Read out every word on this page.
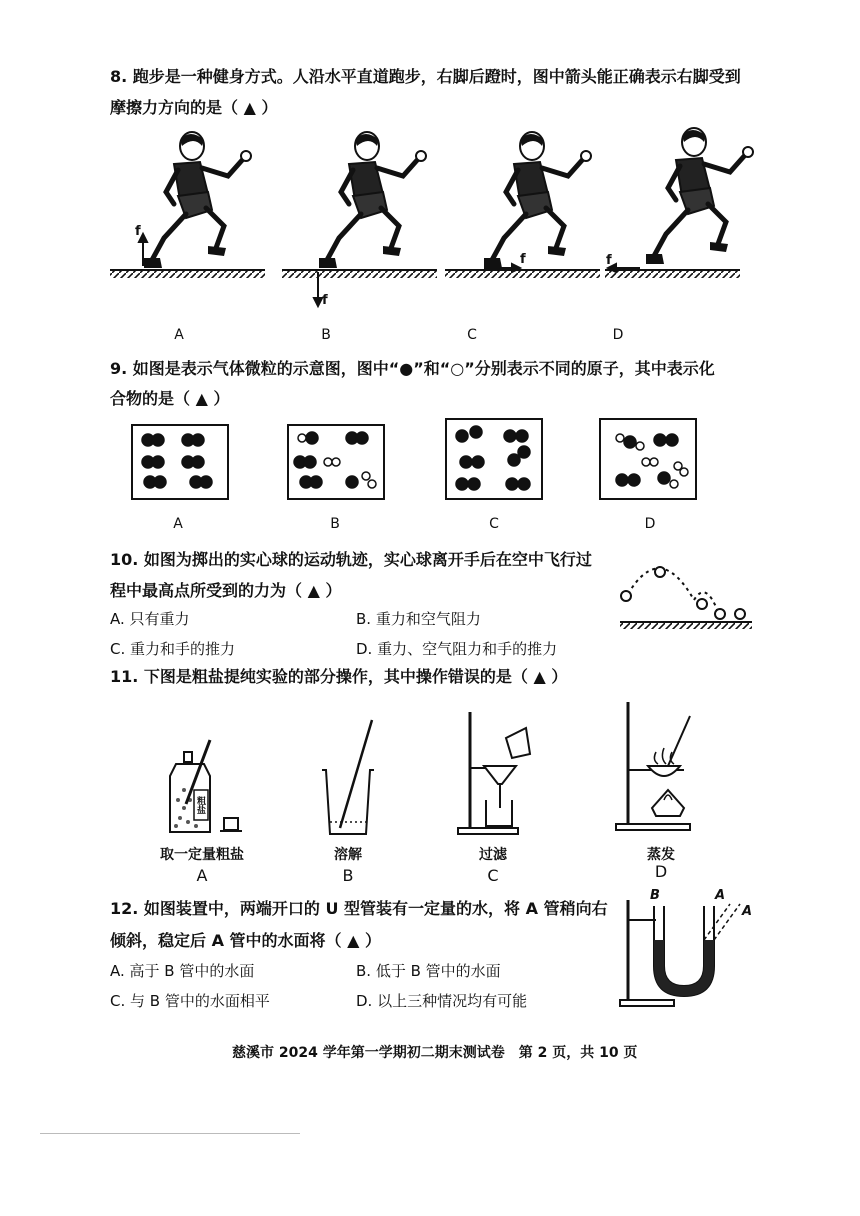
8. 跑步是一种健身方式。人沿水平直道跑步，右脚后蹬时，图中箭头能正确表示右脚受到
摩擦力方向的是（ ▲ ）
f
f
f	f
A	B	C	D
9. 如图是表示气体微粒的示意图，图中“●”和“○”分别表示不同的原子，其中表示化
合物的是（ ▲ ）
A	B	C	D
10. 如图为掷出的实心球的运动轨迹，实心球离开手后在空中飞行过
程中最高点所受到的力为（ ▲ ）
A. 只有重力	B. 重力和空气阻力
C. 重力和手的推力	D. 重力、空气阻力和手的推力
11. 下图是粗盐提纯实验的部分操作，其中操作错误的是（ ▲ ）
粗盐
取一定量粗盐	溶解	过滤	蒸发
A	B	C	D
12. 如图装置中，两端开口的 U 型管装有一定量的水，将 A 管稍向右
倾斜，稳定后 A 管中的水面将（ ▲ ）
A. 高于 B 管中的水面	B. 低于 B 管中的水面
C. 与 B 管中的水面相平	D. 以上三种情况均有可能
B	A
A
慈溪市 2024 学年第一学期初二期末测试卷　第 2 页，共 10 页
